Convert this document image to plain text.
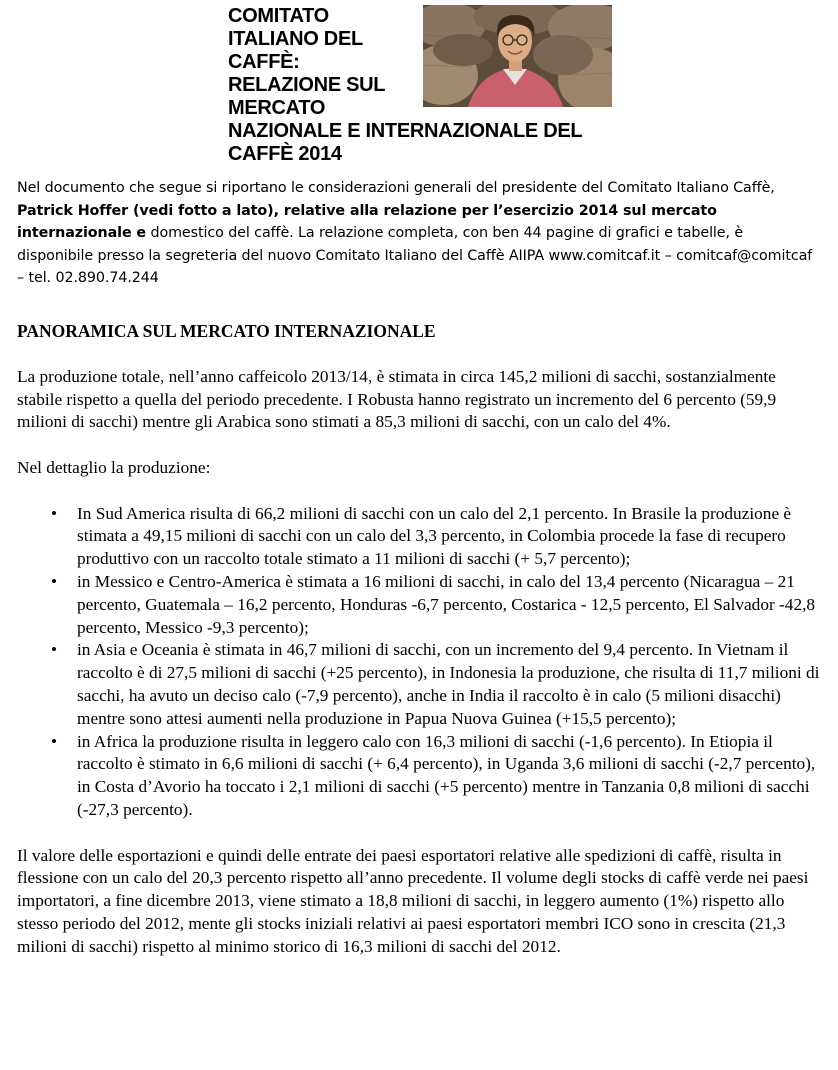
COMITATO
ITALIANO DEL
CAFFÈ:
RELAZIONE SUL
MERCATO
NAZIONALE E INTERNAZIONALE DEL
CAFFÈ 2014

Nel documento che segue si riportano le considerazioni generali del presidente del Comitato Italiano Caffè, Patrick Hoffer (vedi fotto a lato), relative alla relazione per l’esercizio 2014 sul mercato internazionale e domestico del caffè. La relazione completa, con ben 44 pagine di grafici e tabelle, è disponibile presso la segreteria del nuovo Comitato Italiano del Caffè AIIPA www.comitcaf.it – comitcaf@comitcaf – tel. 02.890.74.244

PANORAMICA SUL MERCATO INTERNAZIONALE

La produzione totale, nell’anno caffeicolo 2013/14, è stimata in circa 145,2 milioni di sacchi, sostanzialmente stabile rispetto a quella del periodo precedente. I Robusta hanno registrato un incremento del 6 percento (59,9 milioni di sacchi) mentre gli Arabica sono stimati a 85,3 milioni di sacchi, con un calo del 4%.

Nel dettaglio la produzione:

• In Sud America risulta di 66,2 milioni di sacchi con un calo del 2,1 percento. In Brasile la produzione è stimata a 49,15 milioni di sacchi con un calo del 3,3 percento, in Colombia procede la fase di recupero produttivo con un raccolto totale stimato a 11 milioni di sacchi (+ 5,7 percento);
• in Messico e Centro-America è stimata a 16 milioni di sacchi, in calo del 13,4 percento (Nicaragua – 21 percento, Guatemala – 16,2 percento, Honduras -6,7 percento, Costarica - 12,5 percento, El Salvador -42,8 percento, Messico -9,3 percento);
• in Asia e Oceania è stimata in 46,7 milioni di sacchi, con un incremento del 9,4 percento. In Vietnam il raccolto è di 27,5 milioni di sacchi (+25 percento), in Indonesia la produzione, che risulta di 11,7 milioni di sacchi, ha avuto un deciso calo (-7,9 percento), anche in India il raccolto è in calo (5 milioni disacchi) mentre sono attesi aumenti nella produzione in Papua Nuova Guinea (+15,5 percento);
• in Africa la produzione risulta in leggero calo con 16,3 milioni di sacchi (-1,6 percento). In Etiopia il raccolto è stimato in 6,6 milioni di sacchi (+ 6,4 percento), in Uganda 3,6 milioni di sacchi (-2,7 percento), in Costa d’Avorio ha toccato i 2,1 milioni di sacchi (+5 percento) mentre in Tanzania 0,8 milioni di sacchi (-27,3 percento).

Il valore delle esportazioni e quindi delle entrate dei paesi esportatori relative alle spedizioni di caffè, risulta in flessione con un calo del 20,3 percento rispetto all’anno precedente. Il volume degli stocks di caffè verde nei paesi importatori, a fine dicembre 2013, viene stimato a 18,8 milioni di sacchi, in leggero aumento (1%) rispetto allo stesso periodo del 2012, mente gli stocks iniziali relativi ai paesi esportatori membri ICO sono in crescita (21,3 milioni di sacchi) rispetto al minimo storico di 16,3 milioni di sacchi del 2012.
